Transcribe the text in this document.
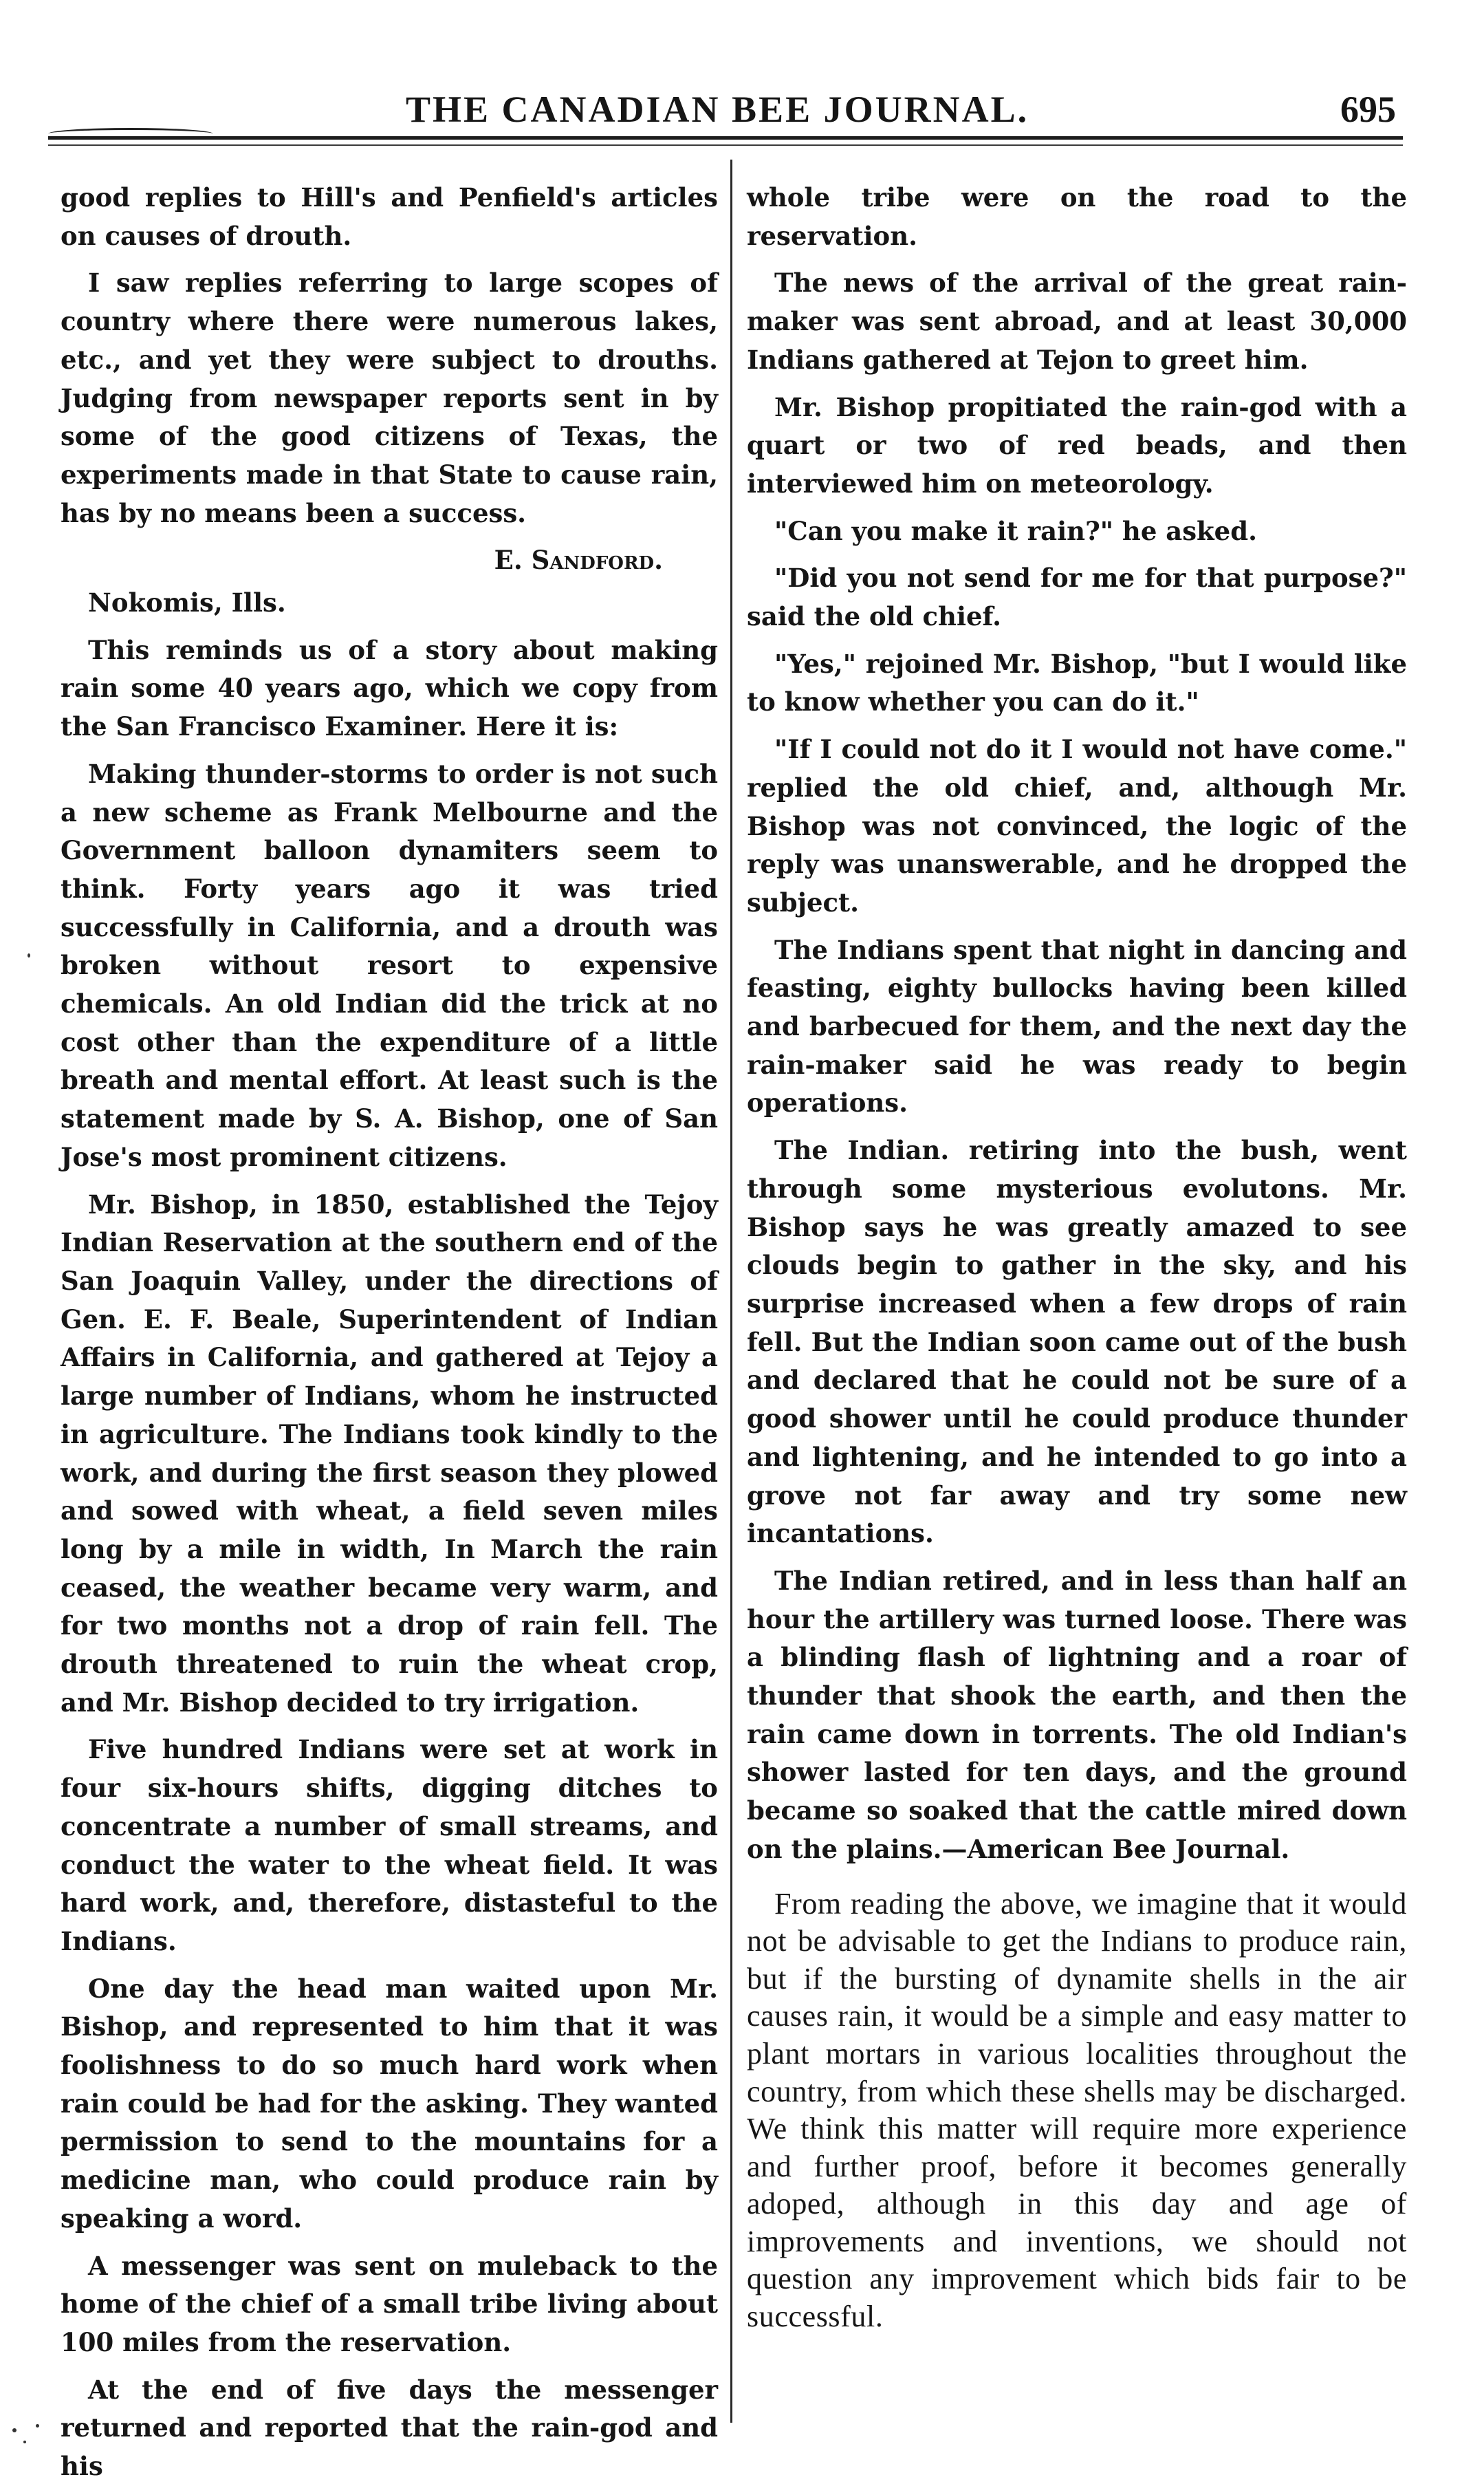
THE CANADIAN BEE JOURNAL.	695

good replies to Hill's and Penfield's articles on causes of drouth.

I saw replies referring to large scopes of country where there were numerous lakes, etc., and yet they were subject to drouths. Judging from newspaper reports sent in by some of the good citizens of Texas, the experiments made in that State to cause rain, has by no means been a success.

E. Sandford.

Nokomis, Ills.

This reminds us of a story about making rain some 40 years ago, which we copy from the San Francisco Examiner. Here it is:

Making thunder-storms to order is not such a new scheme as Frank Melbourne and the Government balloon dynamiters seem to think. Forty years ago it was tried successfully in California, and a drouth was broken without resort to expensive chemicals. An old Indian did the trick at no cost other than the expenditure of a little breath and mental effort. At least such is the statement made by S. A. Bishop, one of San Jose's most prominent citizens.

Mr. Bishop, in 1850, established the Tejoy Indian Reservation at the southern end of the San Joaquin Valley, under the directions of Gen. E. F. Beale, Superintendent of Indian Affairs in California, and gathered at Tejoy a large number of Indians, whom he instructed in agriculture. The Indians took kindly to the work, and during the first season they plowed and sowed with wheat, a field seven miles long by a mile in width, In March the rain ceased, the weather became very warm, and for two months not a drop of rain fell. The drouth threatened to ruin the wheat crop, and Mr. Bishop decided to try irrigation.

Five hundred Indians were set at work in four six-hours shifts, digging ditches to concentrate a number of small streams, and conduct the water to the wheat field. It was hard work, and, therefore, distasteful to the Indians.

One day the head man waited upon Mr. Bishop, and represented to him that it was foolishness to do so much hard work when rain could be had for the asking. They wanted permission to send to the mountains for a medicine man, who could produce rain by speaking a word.

A messenger was sent on muleback to the home of the chief of a small tribe living about 100 miles from the reservation.

At the end of five days the messenger returned and reported that the rain-god and his

whole tribe were on the road to the reservation.

The news of the arrival of the great rain-maker was sent abroad, and at least 30,000 Indians gathered at Tejon to greet him.

Mr. Bishop propitiated the rain-god with a quart or two of red beads, and then interviewed him on meteorology.

"Can you make it rain?" he asked.

"Did you not send for me for that purpose?" said the old chief.

"Yes," rejoined Mr. Bishop, "but I would like to know whether you can do it."

"If I could not do it I would not have come." replied the old chief, and, although Mr. Bishop was not convinced, the logic of the reply was unanswerable, and he dropped the subject.

The Indians spent that night in dancing and feasting, eighty bullocks having been killed and barbecued for them, and the next day the rain-maker said he was ready to begin operations.

The Indian. retiring into the bush, went through some mysterious evolutons. Mr. Bishop says he was greatly amazed to see clouds begin to gather in the sky, and his surprise increased when a few drops of rain fell. But the Indian soon came out of the bush and declared that he could not be sure of a good shower until he could produce thunder and lightening, and he intended to go into a grove not far away and try some new incantations.

The Indian retired, and in less than half an hour the artillery was turned loose. There was a blinding flash of lightning and a roar of thunder that shook the earth, and then the rain came down in torrents. The old Indian's shower lasted for ten days, and the ground became so soaked that the cattle mired down on the plains.—American Bee Journal.

From reading the above, we imagine that it would not be advisable to get the Indians to produce rain, but if the bursting of dynamite shells in the air causes rain, it would be a simple and easy matter to plant mortars in various localities throughout the country, from which these shells may be discharged. We think this matter will require more experience and further proof, before it becomes generally adoped, although in this day and age of improvements and inventions, we should not question any improvement which bids fair to be successful.
